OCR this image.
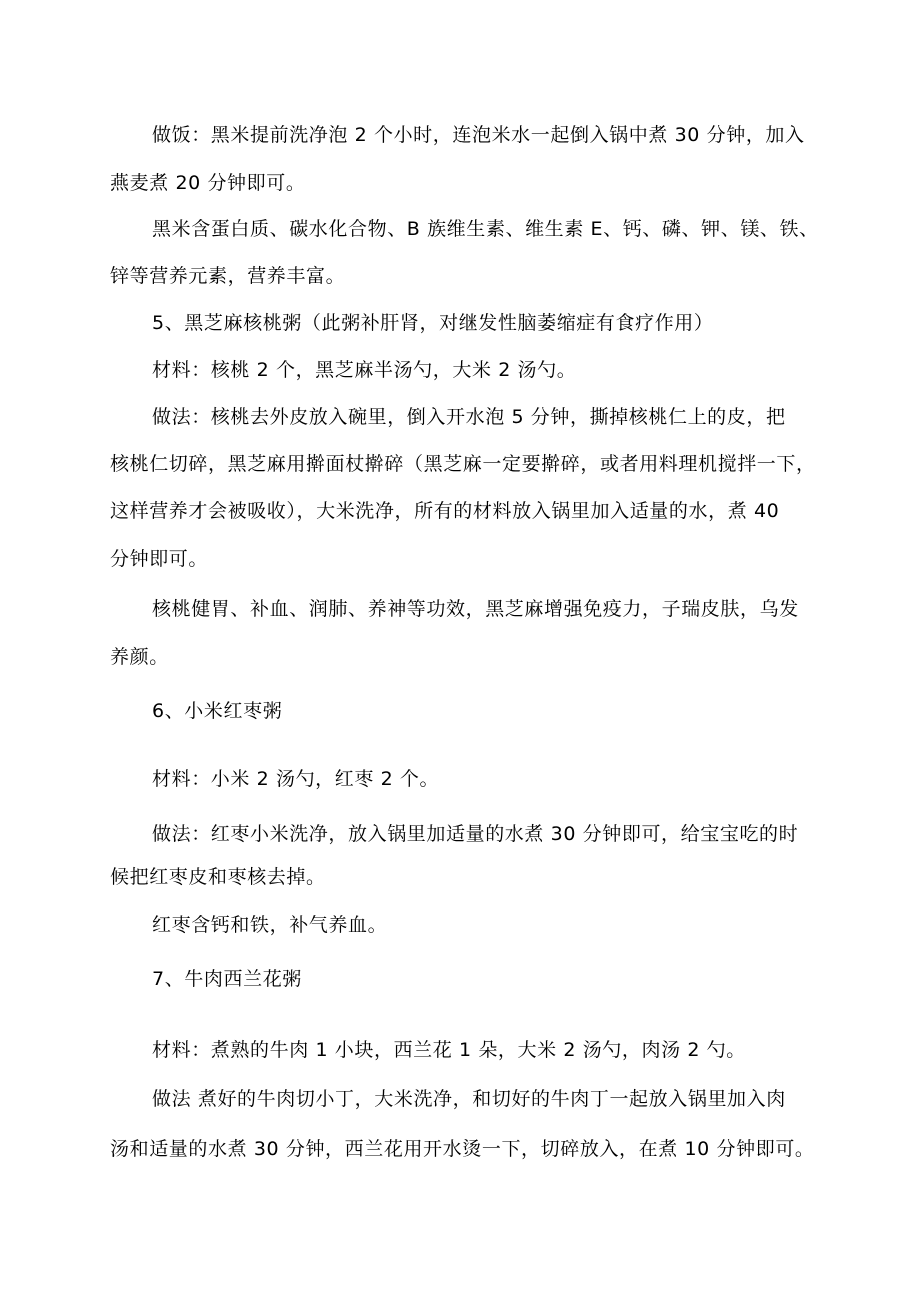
做饭：黑米提前洗净泡 2 个小时，连泡米水一起倒入锅中煮 30 分钟，加入
燕麦煮 20 分钟即可。
黑米含蛋白质、碳水化合物、B 族维生素、维生素 E、钙、磷、钾、镁、铁、
锌等营养元素，营养丰富。
5、黑芝麻核桃粥（此粥补肝肾，对继发性脑萎缩症有食疗作用）
材料：核桃 2 个，黑芝麻半汤勺，大米 2 汤勺。
做法：核桃去外皮放入碗里，倒入开水泡 5 分钟，撕掉核桃仁上的皮，把
核桃仁切碎，黑芝麻用擀面杖擀碎（黑芝麻一定要擀碎，或者用料理机搅拌一下，
这样营养才会被吸收），大米洗净，所有的材料放入锅里加入适量的水，煮 40
分钟即可。
核桃健胃、补血、润肺、养神等功效，黑芝麻增强免疫力，子瑞皮肤，乌发
养颜。
6、小米红枣粥
材料：小米 2 汤勺，红枣 2 个。
做法：红枣小米洗净，放入锅里加适量的水煮 30 分钟即可，给宝宝吃的时
候把红枣皮和枣核去掉。
红枣含钙和铁，补气养血。
7、牛肉西兰花粥
材料：煮熟的牛肉 1 小块，西兰花 1 朵，大米 2 汤勺，肉汤 2 勺。
做法 煮好的牛肉切小丁，大米洗净，和切好的牛肉丁一起放入锅里加入肉
汤和适量的水煮 30 分钟，西兰花用开水烫一下，切碎放入，在煮 10 分钟即可。
